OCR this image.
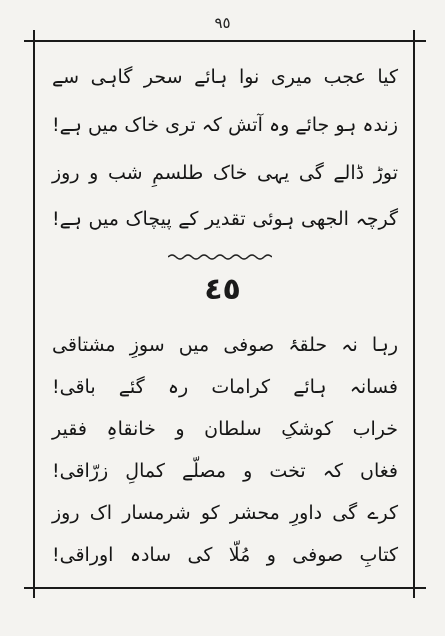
٩٥
کیا عجب میری نوا ہائے سحر گاہی سے
زندہ ہو جائے وہ آتش کہ تری خاک میں ہے!
توڑ ڈالے گی یہی خاک طلسمِ شب و روز
گرچہ الجھی ہوئی تقدیر کے پیچاک میں ہے!
٤٥
رہا نہ حلقۂ صوفی میں سوزِ مشتاقی
فسانہ ہائے کرامات رہ گئے باقی!
خراب کوشکِ سلطان و خانقاہِ فقیر
فغاں کہ تخت و مصلّے کمالِ زرّاقی!
کرے گی داورِ محشر کو شرمسار اک روز
کتابِ صوفی و مُلّا کی سادہ اوراقی!
